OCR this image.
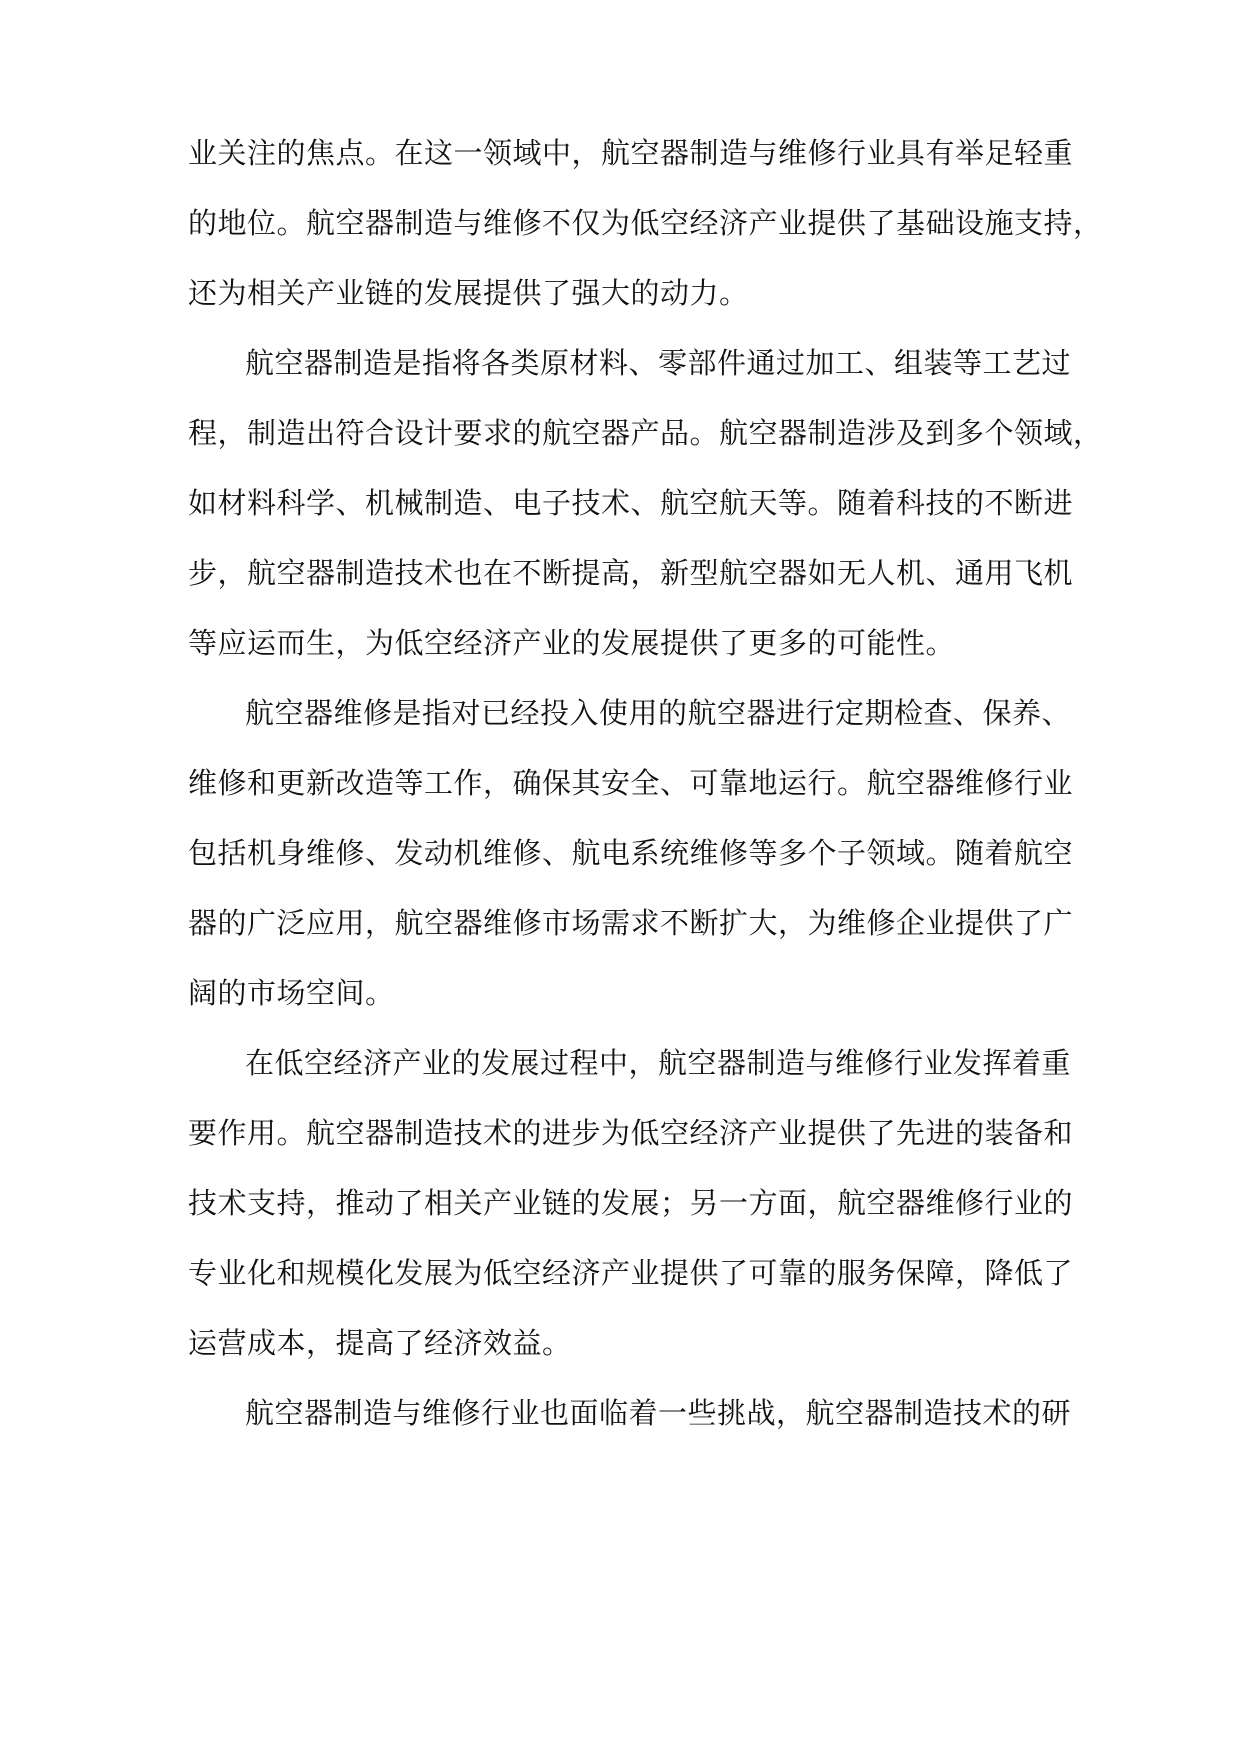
业关注的焦点。在这一领域中，航空器制造与维修行业具有举足轻重
的地位。航空器制造与维修不仅为低空经济产业提供了基础设施支持，
还为相关产业链的发展提供了强大的动力。
航空器制造是指将各类原材料、零部件通过加工、组装等工艺过
程，制造出符合设计要求的航空器产品。航空器制造涉及到多个领域，
如材料科学、机械制造、电子技术、航空航天等。随着科技的不断进
步，航空器制造技术也在不断提高，新型航空器如无人机、通用飞机
等应运而生，为低空经济产业的发展提供了更多的可能性。
航空器维修是指对已经投入使用的航空器进行定期检查、保养、
维修和更新改造等工作，确保其安全、可靠地运行。航空器维修行业
包括机身维修、发动机维修、航电系统维修等多个子领域。随着航空
器的广泛应用，航空器维修市场需求不断扩大，为维修企业提供了广
阔的市场空间。
在低空经济产业的发展过程中，航空器制造与维修行业发挥着重
要作用。航空器制造技术的进步为低空经济产业提供了先进的装备和
技术支持，推动了相关产业链的发展；另一方面，航空器维修行业的
专业化和规模化发展为低空经济产业提供了可靠的服务保障，降低了
运营成本，提高了经济效益。
航空器制造与维修行业也面临着一些挑战，航空器制造技术的研
